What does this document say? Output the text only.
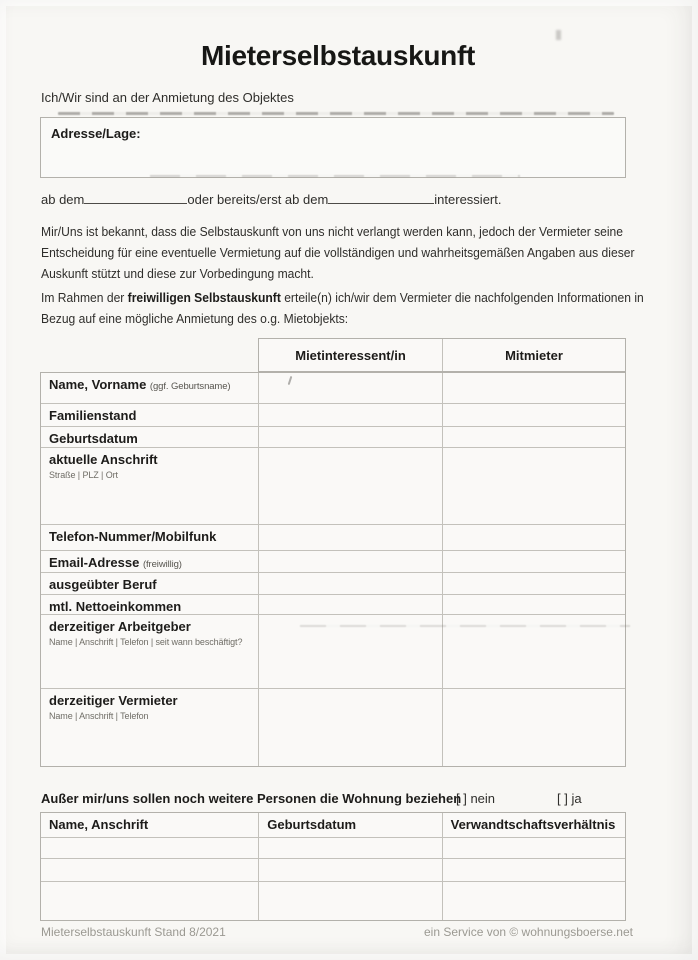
Mieterselbstauskunft
Ich/Wir sind an der Anmietung des Objektes
Adresse/Lage:
ab dem	oder bereits/erst ab dem	interessiert.
Mir/Uns ist bekannt, dass die Selbstauskunft von uns nicht verlangt werden kann, jedoch der Vermieter seine
Entscheidung für eine eventuelle Vermietung auf die vollständigen und wahrheitsgemäßen Angaben aus dieser
Auskunft stützt und diese zur Vorbedingung macht.
Im Rahmen der freiwilligen Selbstauskunft erteile(n) ich/wir dem Vermieter die nachfolgenden Informationen in
Bezug auf eine mögliche Anmietung des o.g. Mietobjekts:
Mietinteressent/in	Mitmieter
Name, Vorname (ggf. Geburtsname)
Familienstand
Geburtsdatum
aktuelle Anschrift
Straße | PLZ | Ort
Telefon-Nummer/Mobilfunk
Email-Adresse (freiwillig)
ausgeübter Beruf
mtl. Nettoeinkommen
derzeitiger Arbeitgeber
Name | Anschrift | Telefon | seit wann beschäftigt?
derzeitiger Vermieter
Name | Anschrift | Telefon
Außer mir/uns sollen noch weitere Personen die Wohnung beziehen
[ ] nein	[ ] ja
Name, Anschrift	Geburtsdatum	Verwandtschaftsverhältnis
Mieterselbstauskunft Stand 8/2021	ein Service von © wohnungsboerse.net
